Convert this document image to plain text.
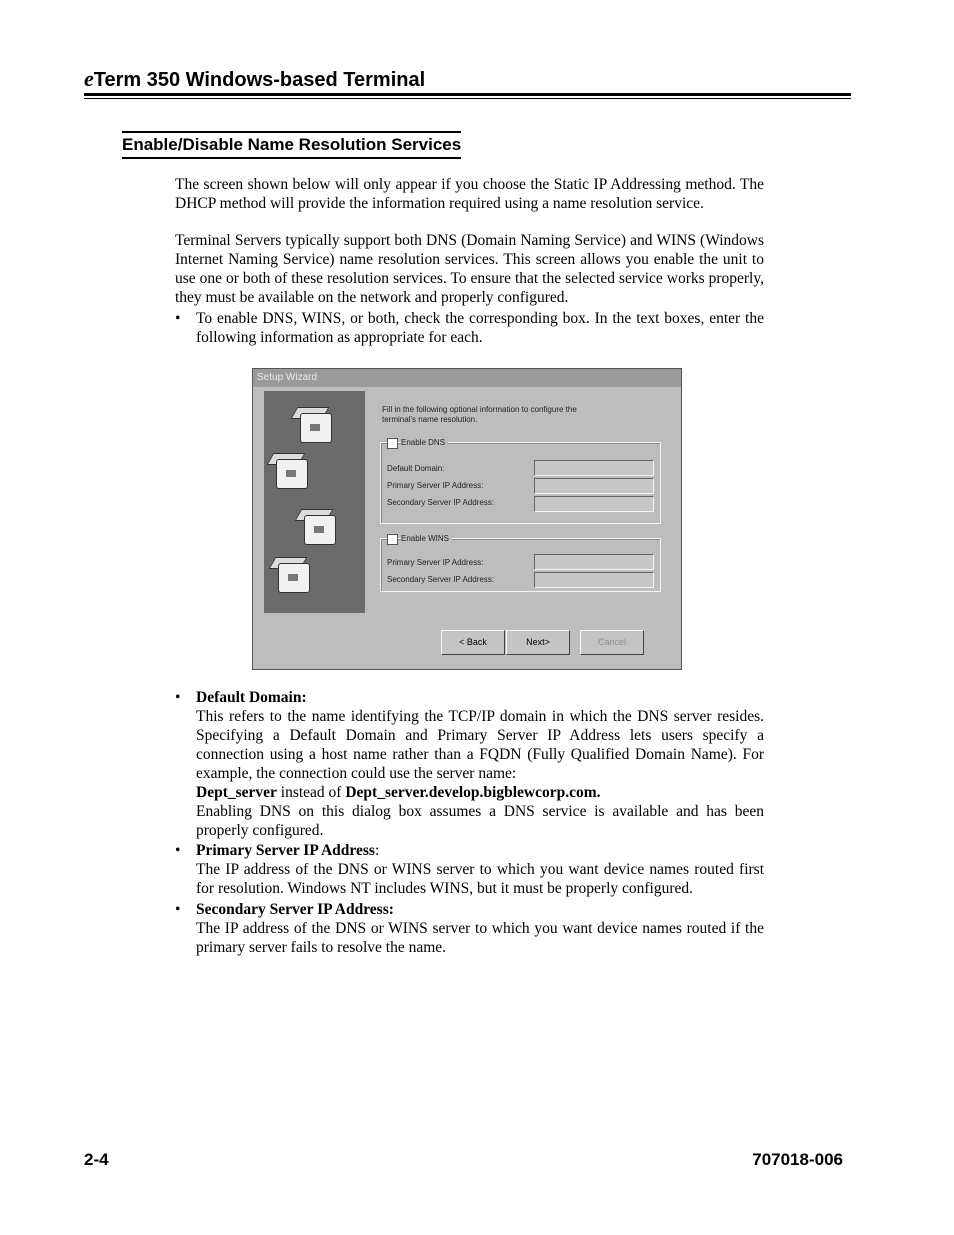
eTerm 350 Windows-based Terminal
Enable/Disable Name Resolution Services
The screen shown below will only appear if you choose the Static IP Addressing method. The DHCP method will provide the information required using a name resolution service.
Terminal Servers typically support both DNS (Domain Naming Service) and WINS (Windows Internet Naming Service) name resolution services. This screen allows you enable the unit to use one or both of these resolution services. To ensure that the selected service works properly, they must be available on the network and properly configured.
• To enable DNS, WINS, or both, check the corresponding box. In the text boxes, enter the following information as appropriate for each.
Setup Wizard
Fill in the following optional information to configure the
terminal's name resolution.
Enable DNS
Default Domain:
Primary Server IP Address:
Secondary Server IP Address:
Enable WINS
Primary Server IP Address:
Secondary Server IP Address:
< Back	Next>	Cancel
• Default Domain:
This refers to the name identifying the TCP/IP domain in which the DNS server resides. Specifying a Default Domain and Primary Server IP Address lets users specify a connection using a host name rather than a FQDN (Fully Qualified Domain Name). For example, the connection could use the server name:
Dept_server instead of Dept_server.develop.bigblewcorp.com.
Enabling DNS on this dialog box assumes a DNS service is available and has been properly configured.
• Primary Server IP Address:
The IP address of the DNS or WINS server to which you want device names routed first for resolution. Windows NT includes WINS, but it must be properly configured.
• Secondary Server IP Address:
The IP address of the DNS or WINS server to which you want device names routed if the primary server fails to resolve the name.
2-4	707018-006
